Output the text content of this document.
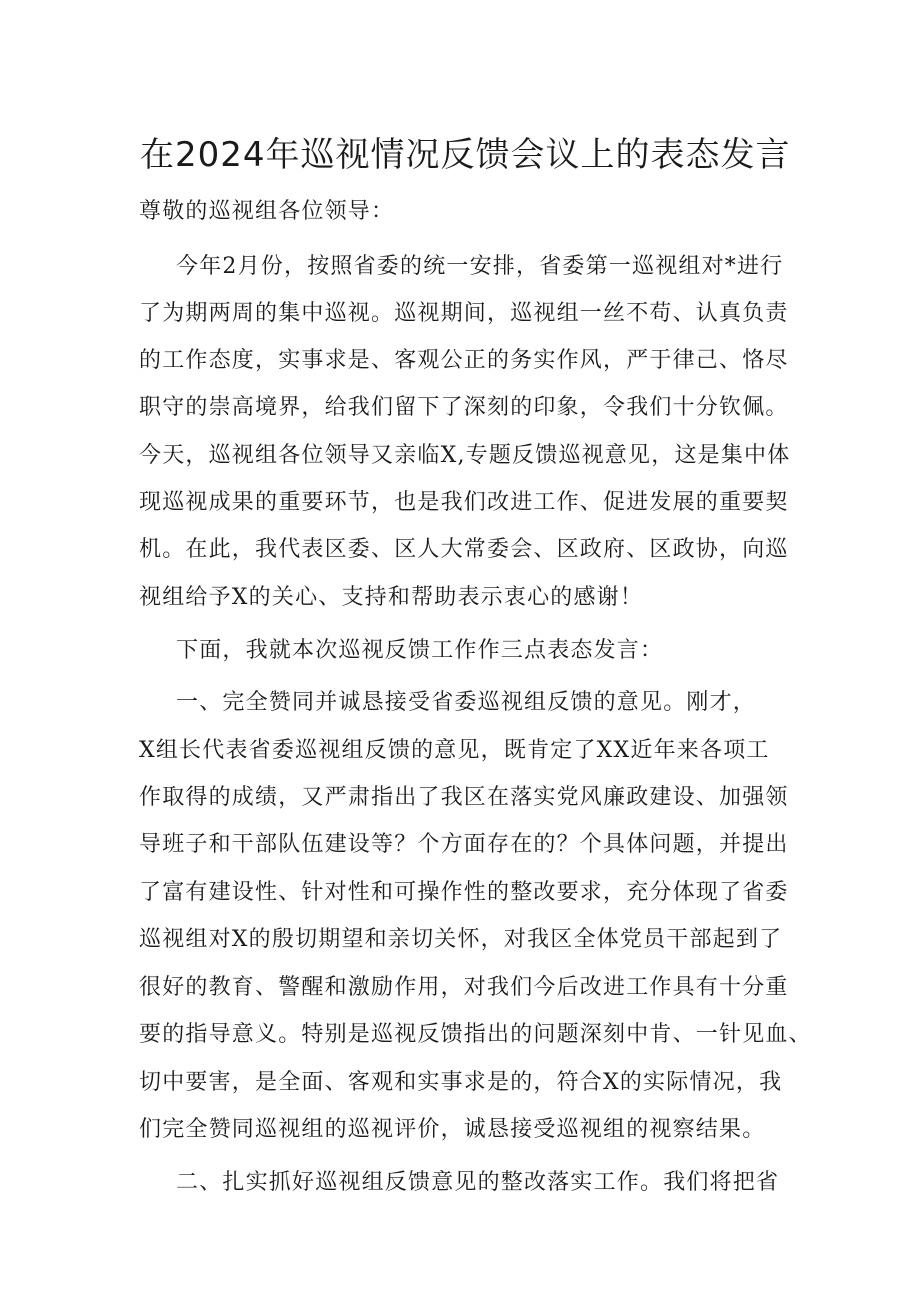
在2024年巡视情况反馈会议上的表态发言
尊敬的巡视组各位领导：
今年2月份，按照省委的统一安排，省委第一巡视组对*进行
了为期两周的集中巡视。巡视期间，巡视组一丝不苟、认真负责
的工作态度，实事求是、客观公正的务实作风，严于律己、恪尽
职守的崇高境界，给我们留下了深刻的印象，令我们十分钦佩。
今天，巡视组各位领导又亲临X,专题反馈巡视意见，这是集中体
现巡视成果的重要环节，也是我们改进工作、促进发展的重要契
机。在此，我代表区委、区人大常委会、区政府、区政协，向巡
视组给予X的关心、支持和帮助表示衷心的感谢！
下面，我就本次巡视反馈工作作三点表态发言：
一、完全赞同并诚恳接受省委巡视组反馈的意见。刚才，
X组长代表省委巡视组反馈的意见，既肯定了XX近年来各项工
作取得的成绩，又严肃指出了我区在落实党风廉政建设、加强领
导班子和干部队伍建设等？个方面存在的？个具体问题，并提出
了富有建设性、针对性和可操作性的整改要求，充分体现了省委
巡视组对X的殷切期望和亲切关怀，对我区全体党员干部起到了
很好的教育、警醒和激励作用，对我们今后改进工作具有十分重
要的指导意义。特别是巡视反馈指出的问题深刻中肯、一针见血、
切中要害，是全面、客观和实事求是的，符合X的实际情况，我
们完全赞同巡视组的巡视评价，诚恳接受巡视组的视察结果。
二、扎实抓好巡视组反馈意见的整改落实工作。我们将把省
